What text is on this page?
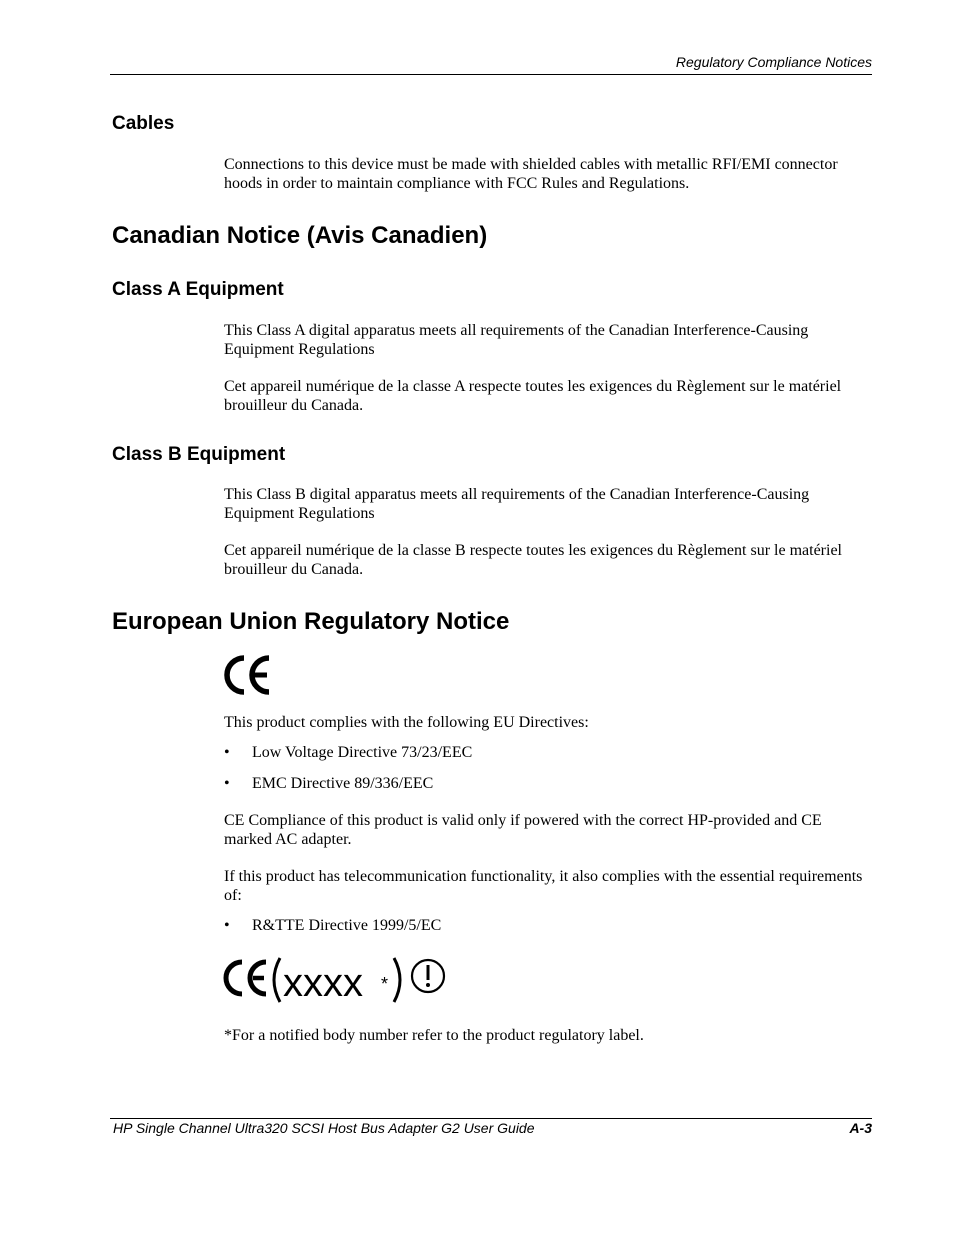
Regulatory Compliance Notices
Cables

Connections to this device must be made with shielded cables with metallic RFI/EMI connector hoods in order to maintain compliance with FCC Rules and Regulations.

Canadian Notice (Avis Canadien)
Class A Equipment

This Class A digital apparatus meets all requirements of the Canadian Interference-Causing Equipment Regulations

Cet appareil numérique de la classe A respecte toutes les exigences du Règlement sur le matériel brouilleur du Canada.

Class B Equipment

This Class B digital apparatus meets all requirements of the Canadian Interference-Causing Equipment Regulations

Cet appareil numérique de la classe B respecte toutes les exigences du Règlement sur le matériel brouilleur du Canada.

European Union Regulatory Notice

This product complies with the following EU Directives:

• Low Voltage Directive 73/23/EEC
• EMC Directive 89/336/EEC

CE Compliance of this product is valid only if powered with the correct HP-provided and CE marked AC adapter.

If this product has telecommunication functionality, it also complies with the essential requirements of:

• R&TTE Directive 1999/5/EC
xxxx *

*For a notified body number refer to the product regulatory label.

HP Single Channel Ultra320 SCSI Host Bus Adapter G2 User Guide	A-3
